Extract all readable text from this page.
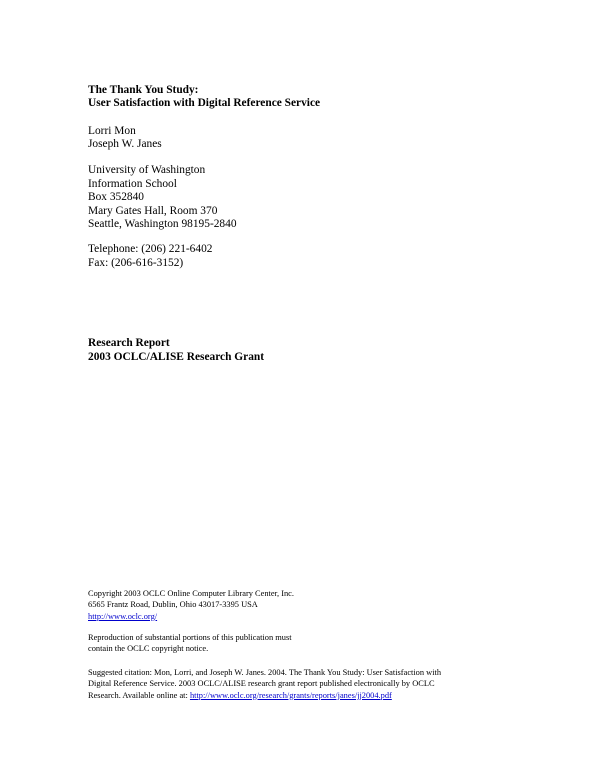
The Thank You Study:
User Satisfaction with Digital Reference Service
Lorri Mon
Joseph W. Janes
University of Washington
Information School
Box 352840
Mary Gates Hall, Room 370
Seattle, Washington 98195-2840
Telephone: (206) 221-6402
Fax: (206-616-3152)
Research Report
2003 OCLC/ALISE Research Grant
Copyright 2003 OCLC Online Computer Library Center, Inc.
6565 Frantz Road, Dublin, Ohio 43017-3395 USA
http://www.oclc.org/
Reproduction of substantial portions of this publication must
contain the OCLC copyright notice.
Suggested citation: Mon, Lorri, and Joseph W. Janes. 2004. The Thank You Study: User Satisfaction with
Digital Reference Service. 2003 OCLC/ALISE research grant report published electronically by OCLC
Research. Available online at: http://www.oclc.org/research/grants/reports/janes/jj2004.pdf
